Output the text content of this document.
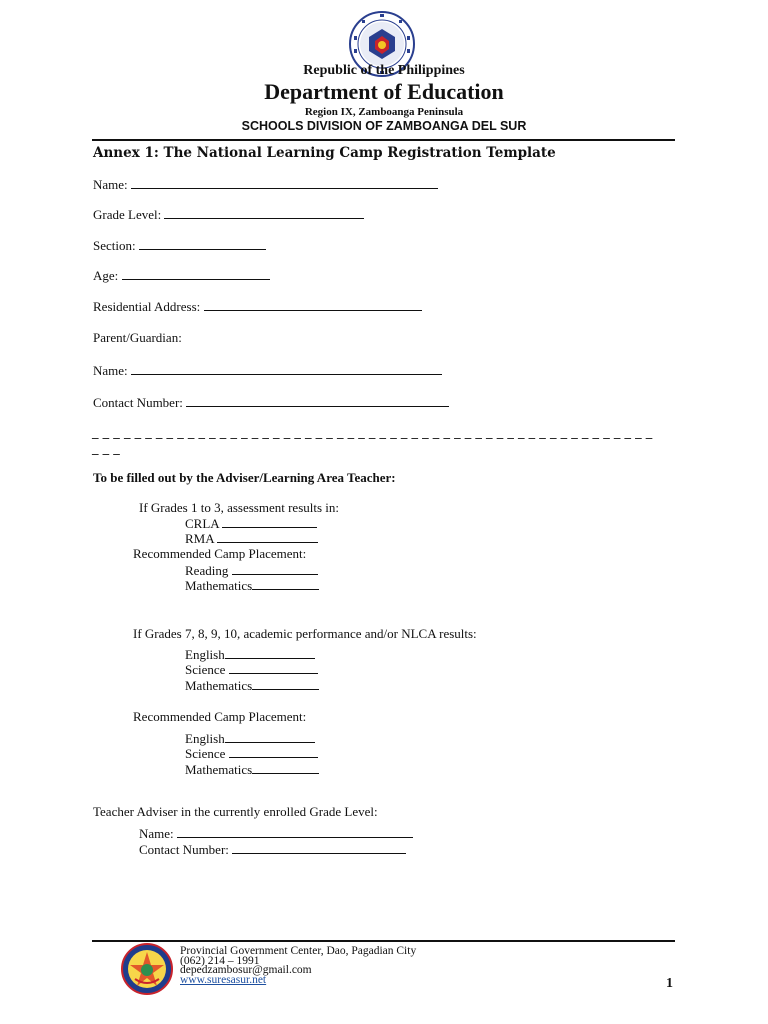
Republic of the Philippines
Department of Education
Region IX, Zamboanga Peninsula
SCHOOLS DIVISION OF ZAMBOANGA DEL SUR
Annex 1: The National Learning Camp Registration Template
Name:
Grade Level:
Section:
Age:
Residential Address:
Parent/Guardian:
Name:
Contact Number:
_ _ _ _ _ _ _ _ _ _ _ _ _ _ _ _ _ _ _ _ _ _ _ _ _ _ _ _ _ _ _ _ _ _ _ _ _ _ _ _ _ _ _ _ _ _ _ _ _ _ _ _ _
_ _ _
To be filled out by the Adviser/Learning Area Teacher:
If Grades 1 to 3, assessment results in:
CRLA
RMA
Recommended Camp Placement:
Reading
Mathematics
If Grades 7, 8, 9, 10, academic performance and/or NLCA results:
English
Science
Mathematics
Recommended Camp Placement:
English
Science
Mathematics
Teacher Adviser in the currently enrolled Grade Level:
Name:
Contact Number:
Provincial Government Center, Dao, Pagadian City
(062) 214 – 1991
depedzambosur@gmail.com
www.suresasur.net	1
